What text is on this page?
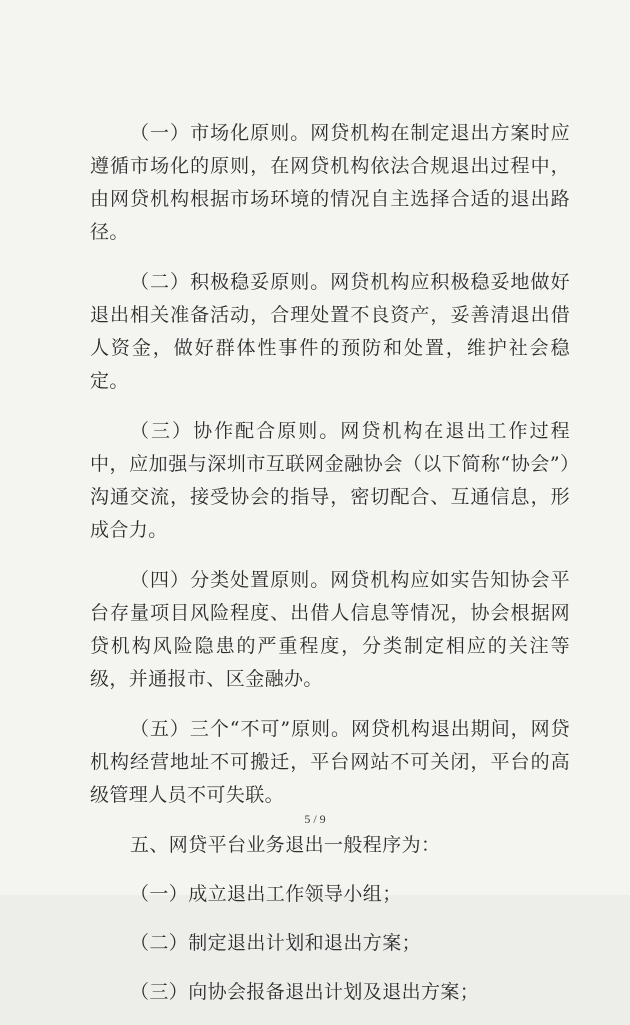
（一）市场化原则。网贷机构在制定退出方案时应遵循市场化的原则，在网贷机构依法合规退出过程中，由网贷机构根据市场环境的情况自主选择合适的退出路径。

（二）积极稳妥原则。网贷机构应积极稳妥地做好退出相关准备活动，合理处置不良资产，妥善清退出借人资金，做好群体性事件的预防和处置，维护社会稳定。

（三）协作配合原则。网贷机构在退出工作过程中，应加强与深圳市互联网金融协会（以下简称“协会”）沟通交流，接受协会的指导，密切配合、互通信息，形成合力。

（四）分类处置原则。网贷机构应如实告知协会平台存量项目风险程度、出借人信息等情况，协会根据网贷机构风险隐患的严重程度，分类制定相应的关注等级，并通报市、区金融办。

（五）三个“不可”原则。网贷机构退出期间，网贷机构经营地址不可搬迁，平台网站不可关闭，平台的高级管理人员不可失联。

五、网贷平台业务退出一般程序为：

（一）成立退出工作领导小组；

（二）制定退出计划和退出方案；

（三）向协会报备退出计划及退出方案；

5 / 9
